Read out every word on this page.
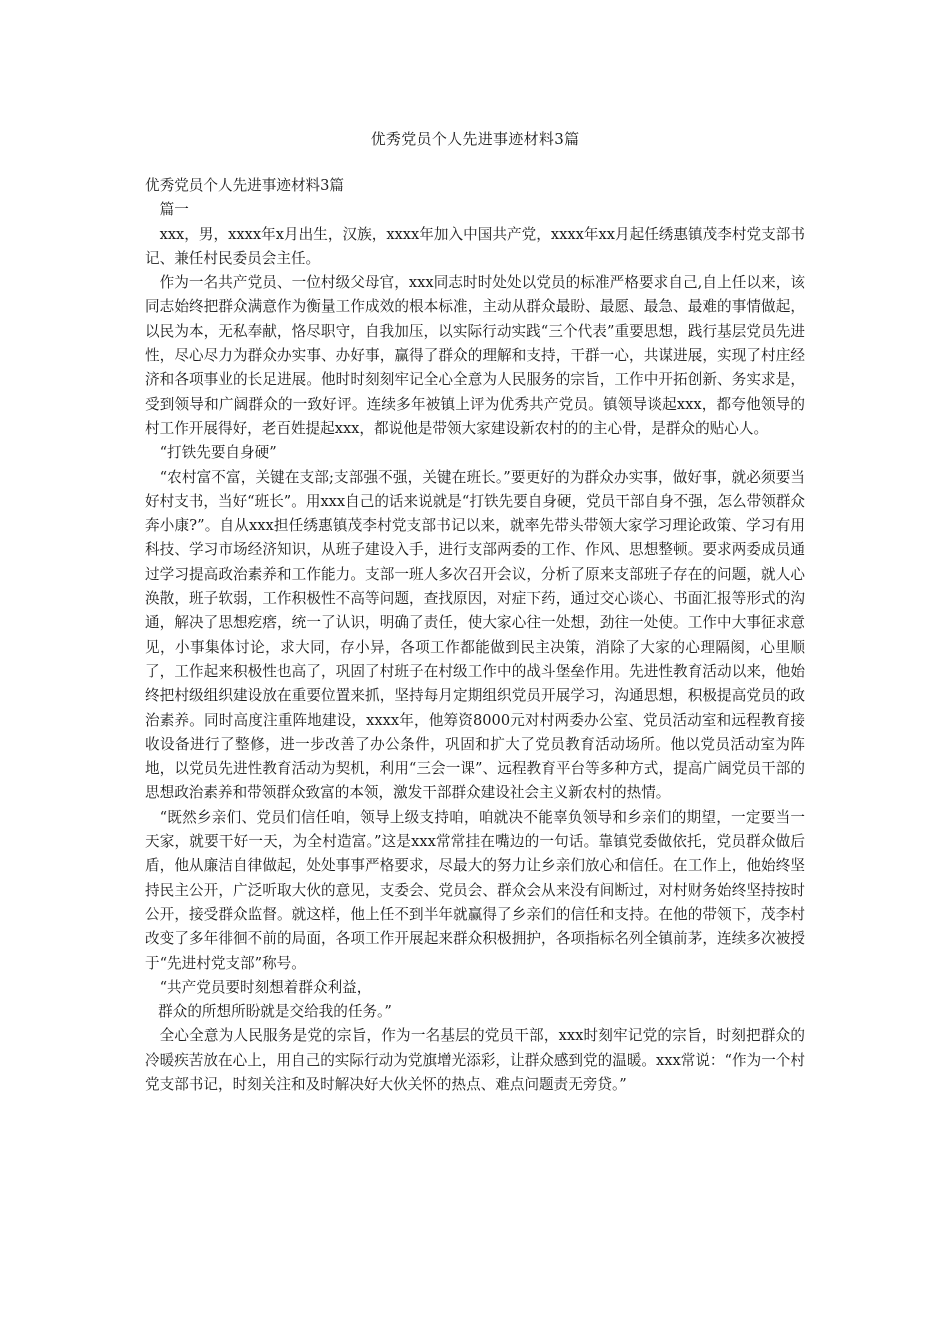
优秀党员个人先进事迹材料3篇

优秀党员个人先进事迹材料3篇

篇一

xxx，男，xxxx年x月出生，汉族，xxxx年加入中国共产党，xxxx年xx月起任绣惠镇茂李村党支部书记、兼任村民委员会主任。

作为一名共产党员、一位村级父母官，xxx同志时时处处以党员的标准严格要求自己,自上任以来，该同志始终把群众满意作为衡量工作成效的根本标准，主动从群众最盼、最愿、最急、最难的事情做起，以民为本，无私奉献，恪尽职守，自我加压，以实际行动实践“三个代表”重要思想，践行基层党员先进性，尽心尽力为群众办实事、办好事，赢得了群众的理解和支持，干群一心，共谋进展，实现了村庄经济和各项事业的长足进展。他时时刻刻牢记全心全意为人民服务的宗旨，工作中开拓创新、务实求是，受到领导和广阔群众的一致好评。连续多年被镇上评为优秀共产党员。镇领导谈起xxx，都夸他领导的村工作开展得好，老百姓提起xxx，都说他是带领大家建设新农村的的主心骨，是群众的贴心人。

“打铁先要自身硬”

“农村富不富，关键在支部;支部强不强，关键在班长。”要更好的为群众办实事，做好事，就必须要当好村支书，当好“班长”。用xxx自己的话来说就是“打铁先要自身硬，党员干部自身不强，怎么带领群众奔小康?”。自从xxx担任绣惠镇茂李村党支部书记以来，就率先带头带领大家学习理论政策、学习有用科技、学习市场经济知识，从班子建设入手，进行支部两委的工作、作风、思想整顿。要求两委成员通过学习提高政治素养和工作能力。支部一班人多次召开会议，分析了原来支部班子存在的问题，就人心涣散，班子软弱，工作积极性不高等问题，查找原因，对症下药，通过交心谈心、书面汇报等形式的沟通，解决了思想疙瘩，统一了认识，明确了责任，使大家心往一处想，劲往一处使。工作中大事征求意见，小事集体讨论，求大同，存小异，各项工作都能做到民主决策，消除了大家的心理隔阂，心里顺了，工作起来积极性也高了，巩固了村班子在村级工作中的战斗堡垒作用。先进性教育活动以来，他始终把村级组织建设放在重要位置来抓，坚持每月定期组织党员开展学习，沟通思想，积极提高党员的政治素养。同时高度注重阵地建设，xxxx年，他筹资8000元对村两委办公室、党员活动室和远程教育接收设备进行了整修，进一步改善了办公条件，巩固和扩大了党员教育活动场所。他以党员活动室为阵地，以党员先进性教育活动为契机，利用“三会一课”、远程教育平台等多种方式，提高广阔党员干部的思想政治素养和带领群众致富的本领，激发干部群众建设社会主义新农村的热情。

“既然乡亲们、党员们信任咱，领导上级支持咱，咱就决不能辜负领导和乡亲们的期望，一定要当一天家，就要干好一天，为全村造富。”这是xxx常常挂在嘴边的一句话。靠镇党委做依托，党员群众做后盾，他从廉洁自律做起，处处事事严格要求，尽最大的努力让乡亲们放心和信任。在工作上，他始终坚持民主公开，广泛听取大伙的意见，支委会、党员会、群众会从来没有间断过，对村财务始终坚持按时公开，接受群众监督。就这样，他上任不到半年就赢得了乡亲们的信任和支持。在他的带领下，茂李村改变了多年徘徊不前的局面，各项工作开展起来群众积极拥护，各项指标名列全镇前茅，连续多次被授于“先进村党支部”称号。

“共产党员要时刻想着群众利益，

群众的所想所盼就是交给我的任务。”

全心全意为人民服务是党的宗旨，作为一名基层的党员干部，xxx时刻牢记党的宗旨，时刻把群众的冷暖疾苦放在心上，用自己的实际行动为党旗增光添彩，让群众感到党的温暖。xxx常说：“作为一个村党支部书记，时刻关注和及时解决好大伙关怀的热点、难点问题责无旁贷。”
